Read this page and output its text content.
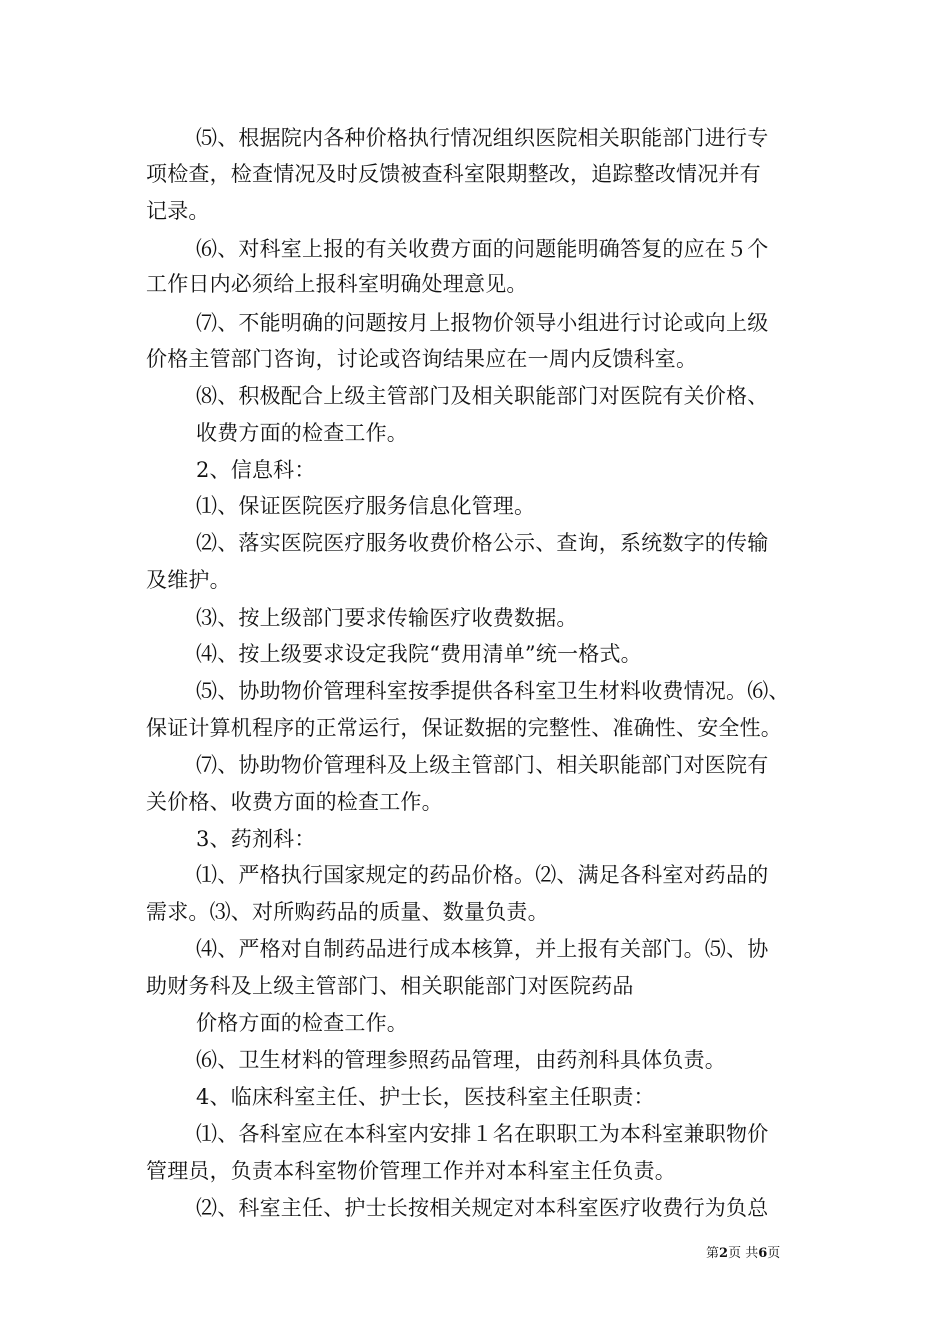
⑸、根据院内各种价格执行情况组织医院相关职能部门进行专
项检查，检查情况及时反馈被查科室限期整改，追踪整改情况并有
记录。
⑹、对科室上报的有关收费方面的问题能明确答复的应在５个
工作日内必须给上报科室明确处理意见。
⑺、不能明确的问题按月上报物价领导小组进行讨论或向上级
价格主管部门咨询，讨论或咨询结果应在一周内反馈科室。
⑻、积极配合上级主管部门及相关职能部门对医院有关价格、
收费方面的检查工作。
2、信息科：
⑴、保证医院医疗服务信息化管理。
⑵、落实医院医疗服务收费价格公示、查询，系统数字的传输
及维护。
⑶、按上级部门要求传输医疗收费数据。
⑷、按上级要求设定我院“费用清单”统一格式。
⑸、协助物价管理科室按季提供各科室卫生材料收费情况。⑹、
保证计算机程序的正常运行，保证数据的完整性、准确性、安全性。
⑺、协助物价管理科及上级主管部门、相关职能部门对医院有
关价格、收费方面的检查工作。
3、药剂科：
⑴、严格执行国家规定的药品价格。⑵、满足各科室对药品的
需求。⑶、对所购药品的质量、数量负责。
⑷、严格对自制药品进行成本核算，并上报有关部门。⑸、协
助财务科及上级主管部门、相关职能部门对医院药品
价格方面的检查工作。
⑹、卫生材料的管理参照药品管理，由药剂科具体负责。
4、临床科室主任、护士长，医技科室主任职责：
⑴、各科室应在本科室内安排１名在职职工为本科室兼职物价
管理员，负责本科室物价管理工作并对本科室主任负责。
⑵、科室主任、护士长按相关规定对本科室医疗收费行为负总
第2页 共6页
